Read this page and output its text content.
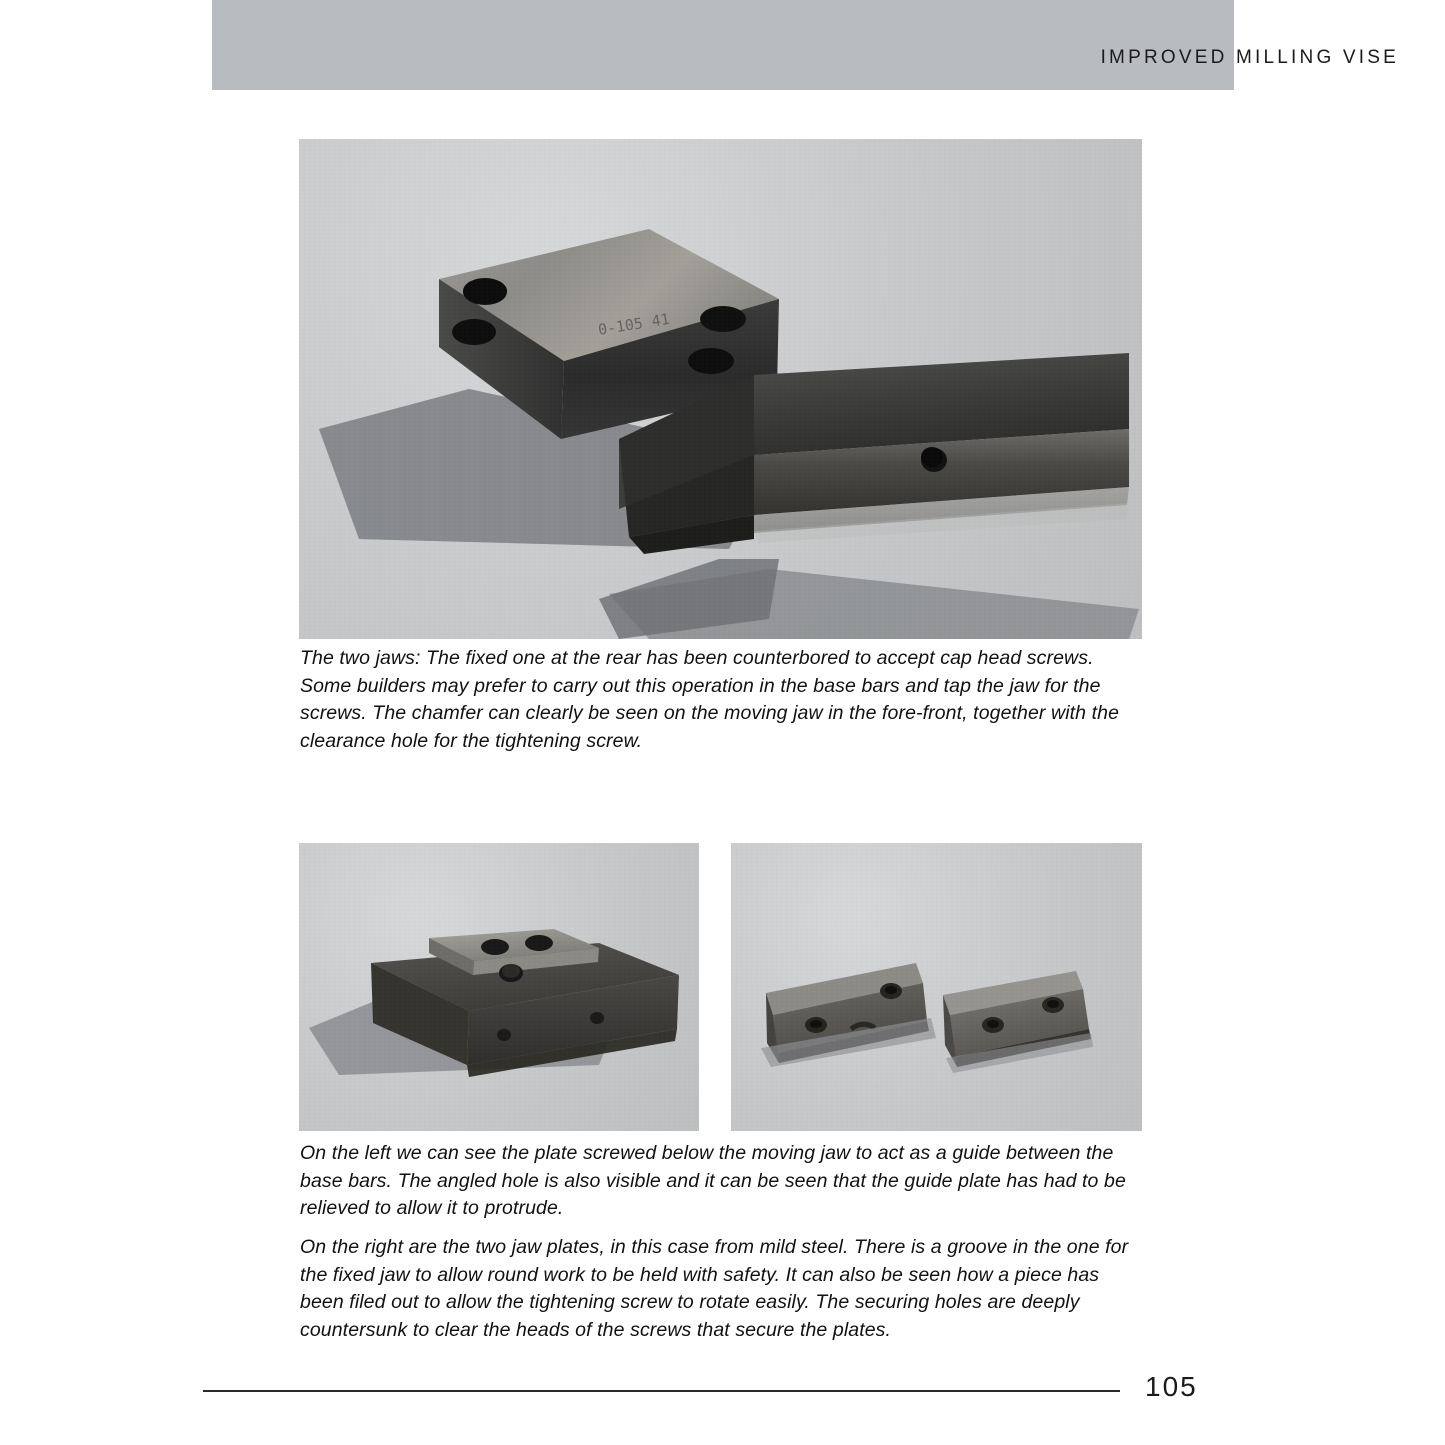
IMPROVED MILLING VISE
0-105 41
The two jaws: The fixed one at the rear has been counterbored to accept cap head screws. Some builders may prefer to carry out this operation in the base bars and tap the jaw for the screws. The chamfer can clearly be seen on the moving jaw in the fore-front, together with the clearance hole for the tightening screw.
On the left we can see the plate screwed below the moving jaw to act as a guide between the base bars. The angled hole is also visible and it can be seen that the guide plate has had to be relieved to allow it to protrude.
On the right are the two jaw plates, in this case from mild steel. There is a groove in the one for the fixed jaw to allow round work to be held with safety. It can also be seen how a piece has been filed out to allow the tightening screw to rotate easily. The securing holes are deeply countersunk to clear the heads of the screws that secure the plates.
105
